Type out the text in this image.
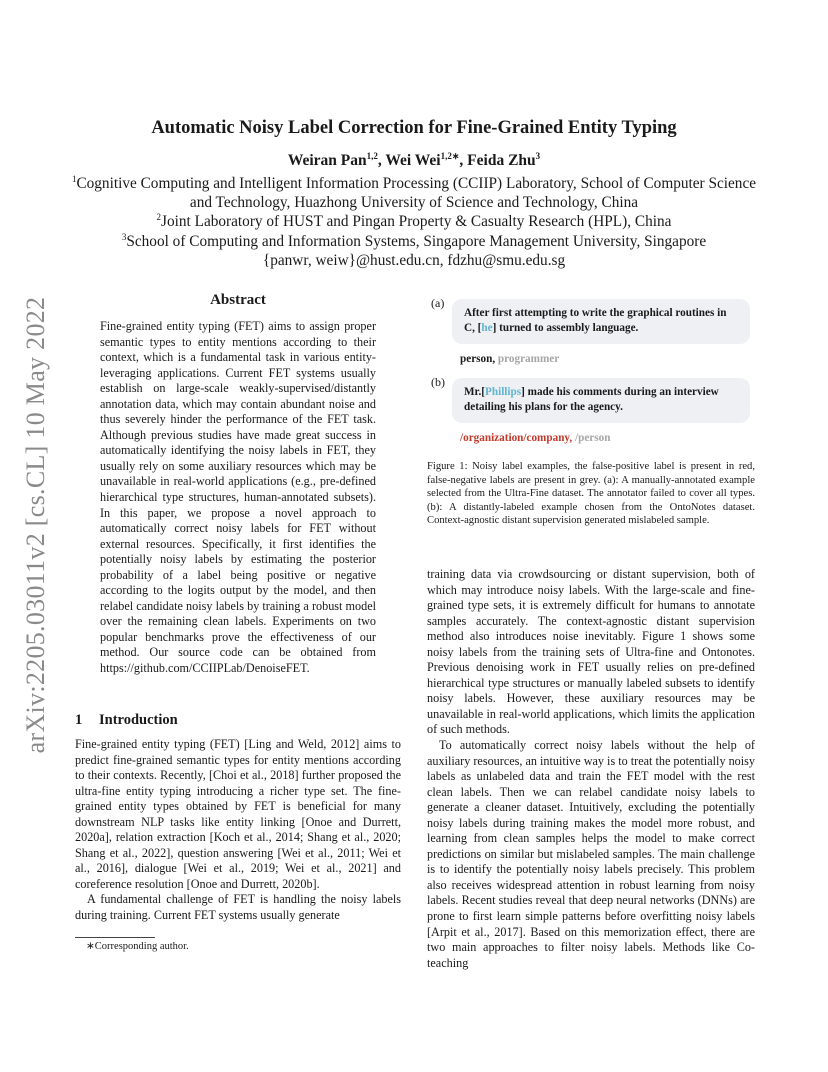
Automatic Noisy Label Correction for Fine-Grained Entity Typing
Weiran Pan$^{1,2}$, Wei Wei$^{1,2∗}$, Feida Zhu$^3$
$^1$Cognitive Computing and Intelligent Information Processing (CCIIP) Laboratory, School of Computer Science and Technology, Huazhong University of Science and Technology, China
$^2$Joint Laboratory of HUST and Pingan Property & Casualty Research (HPL), China
$^3$School of Computing and Information Systems, Singapore Management University, Singapore
{panwr, weiw}@hust.edu.cn, fdzhu@smu.edu.sg
arXiv:2205.03011v2 [cs.CL] 10 May 2022	Abstract
Fine-grained entity typing (FET) aims to assign proper semantic types to entity mentions according to their context, which is a fundamental task in various entity-leveraging applications. Current FET systems usually establish on large-scale weakly-supervised/distantly annotation data, which may contain abundant noise and thus severely hinder the performance of the FET task. Although previous studies have made great success in automatically identifying the noisy labels in FET, they usually rely on some auxiliary resources which may be unavailable in real-world applications (e.g., pre-defined hierarchical type structures, human-annotated subsets). In this paper, we propose a novel approach to automatically correct noisy labels for FET without external resources. Specifically, it first identifies the potentially noisy labels by estimating the posterior probability of a label being positive or negative according to the logits output by the model, and then relabel candidate noisy labels by training a robust model over the remaining clean labels. Experiments on two popular benchmarks prove the effectiveness of our method. Our source code can be obtained from https://github.com/CCIIPLab/DenoiseFET.
1 Introduction

Fine-grained entity typing (FET) [Ling and Weld, 2012] aims to predict fine-grained semantic types for entity mentions according to their contexts. Recently, [Choi et al., 2018] further proposed the ultra-fine entity typing introducing a richer type set. The fine-grained entity types obtained by FET is beneficial for many downstream NLP tasks like entity linking [Onoe and Durrett, 2020a], relation extraction [Koch et al., 2014; Shang et al., 2020; Shang et al., 2022], question answering [Wei et al., 2011; Wei et al., 2016], dialogue [Wei et al., 2019; Wei et al., 2021] and coreference resolution [Onoe and Durrett, 2020b].

A fundamental challenge of FET is handling the noisy labels during training. Current FET systems usually generate

∗Corresponding author.
(a)
After first attempting to write the graphical routines in C, [he] turned to assembly language.
person, programmer
(b)
Mr.[Phillips] made his comments during an interview detailing his plans for the agency.
/organization/company, /person
Figure 1: Noisy label examples, the false-positive label is present in red, false-negative labels are present in grey. (a): A manually-annotated example selected from the Ultra-Fine dataset. The annotator failed to cover all types. (b): A distantly-labeled example chosen from the OntoNotes dataset. Context-agnostic distant supervision generated mislabeled sample.

training data via crowdsourcing or distant supervision, both of which may introduce noisy labels. With the large-scale and fine-grained type sets, it is extremely difficult for humans to annotate samples accurately. The context-agnostic distant supervision method also introduces noise inevitably. Figure 1 shows some noisy labels from the training sets of Ultra-fine and Ontonotes. Previous denoising work in FET usually relies on pre-defined hierarchical type structures or manually labeled subsets to identify noisy labels. However, these auxiliary resources may be unavailable in real-world applications, which limits the application of such methods.

To automatically correct noisy labels without the help of auxiliary resources, an intuitive way is to treat the potentially noisy labels as unlabeled data and train the FET model with the rest clean labels. Then we can relabel candidate noisy labels to generate a cleaner dataset. Intuitively, excluding the potentially noisy labels during training makes the model more robust, and learning from clean samples helps the model to make correct predictions on similar but mislabeled samples. The main challenge is to identify the potentially noisy labels precisely. This problem also receives widespread attention in robust learning from noisy labels. Recent studies reveal that deep neural networks (DNNs) are prone to first learn simple patterns before overfitting noisy labels [Arpit et al., 2017]. Based on this memorization effect, there are two main approaches to filter noisy labels. Methods like Co-teaching
